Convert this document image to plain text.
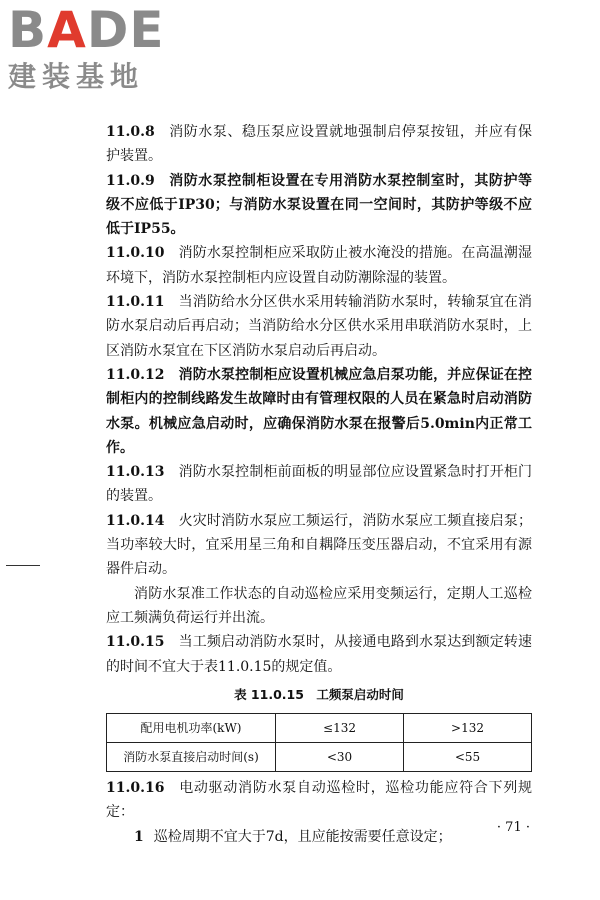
BADE
建装基地

11.0.8 消防水泵、稳压泵应设置就地强制启停泵按钮，并应有保护装置。

11.0.9 消防水泵控制柜设置在专用消防水泵控制室时，其防护等级不应低于IP30；与消防水泵设置在同一空间时，其防护等级不应低于IP55。

11.0.10 消防水泵控制柜应采取防止被水淹没的措施。在高温潮湿环境下，消防水泵控制柜内应设置自动防潮除湿的装置。

11.0.11 当消防给水分区供水采用转输消防水泵时，转输泵宜在消防水泵启动后再启动；当消防给水分区供水采用串联消防水泵时，上区消防水泵宜在下区消防水泵启动后再启动。

11.0.12 消防水泵控制柜应设置机械应急启泵功能，并应保证在控制柜内的控制线路发生故障时由有管理权限的人员在紧急时启动消防水泵。机械应急启动时，应确保消防水泵在报警后5.0min内正常工作。

11.0.13 消防水泵控制柜前面板的明显部位应设置紧急时打开柜门的装置。

11.0.14 火灾时消防水泵应工频运行，消防水泵应工频直接启泵；当功率较大时，宜采用星三角和自耦降压变压器启动，不宜采用有源器件启动。

消防水泵准工作状态的自动巡检应采用变频运行，定期人工巡检应工频满负荷运行并出流。

11.0.15 当工频启动消防水泵时，从接通电路到水泵达到额定转速的时间不宜大于表11.0.15的规定值。

表 11.0.15　工频泵启动时间
配用电机功率(kW)	≤132	>132
消防水泵直接启动时间(s)	<30	<55

11.0.16 电动驱动消防水泵自动巡检时，巡检功能应符合下列规定：

1 巡检周期不宜大于7d，且应能按需要任意设定；

· 71 ·
